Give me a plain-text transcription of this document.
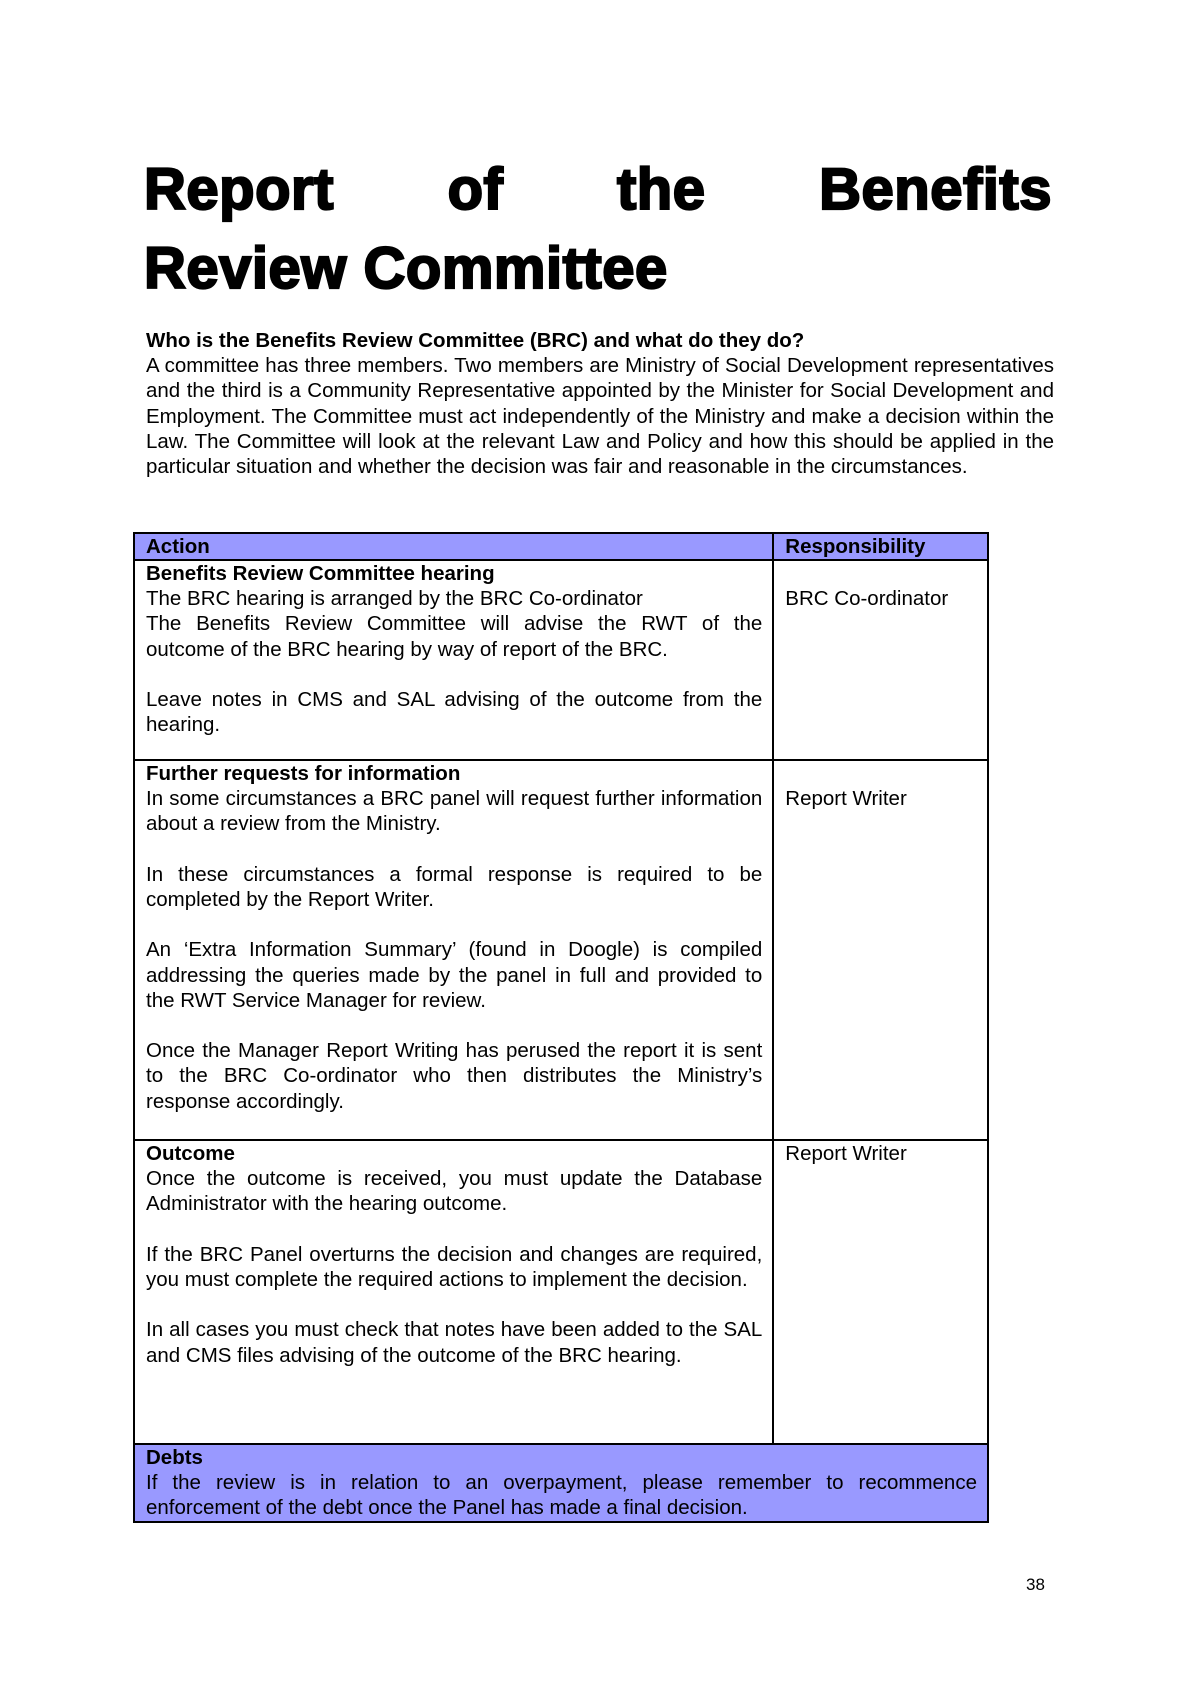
Report of the Benefits
Review Committee

Who is the Benefits Review Committee (BRC) and what do they do?

A committee has three members. Two members are Ministry of Social Development representatives and the third is a Community Representative appointed by the Minister for Social Development and Employment. The Committee must act independently of the Ministry and make a decision within the Law. The Committee will look at the relevant Law and Policy and how this should be applied in the particular situation and whether the decision was fair and reasonable in the circumstances.

Action	Responsibility

Benefits Review Committee hearing
The BRC hearing is arranged by the BRC Co-ordinator
The Benefits Review Committee will advise the RWT of the outcome of the BRC hearing by way of report of the BRC.
Leave notes in CMS and SAL advising of the outcome from the hearing.	BRC Co-ordinator

Further requests for information
In some circumstances a BRC panel will request further information about a review from the Ministry.
In these circumstances a formal response is required to be completed by the Report Writer.
An ‘Extra Information Summary’ (found in Doogle) is compiled addressing the queries made by the panel in full and provided to the RWT Service Manager for review.
Once the Manager Report Writing has perused the report it is sent to the BRC Co-ordinator who then distributes the Ministry’s response accordingly.	Report Writer

Outcome
Once the outcome is received, you must update the Database Administrator with the hearing outcome.
If the BRC Panel overturns the decision and changes are required, you must complete the required actions to implement the decision.
In all cases you must check that notes have been added to the SAL and CMS files advising of the outcome of the BRC hearing.	Report Writer

Debts
If the review is in relation to an overpayment, please remember to recommence enforcement of the debt once the Panel has made a final decision.	
38
